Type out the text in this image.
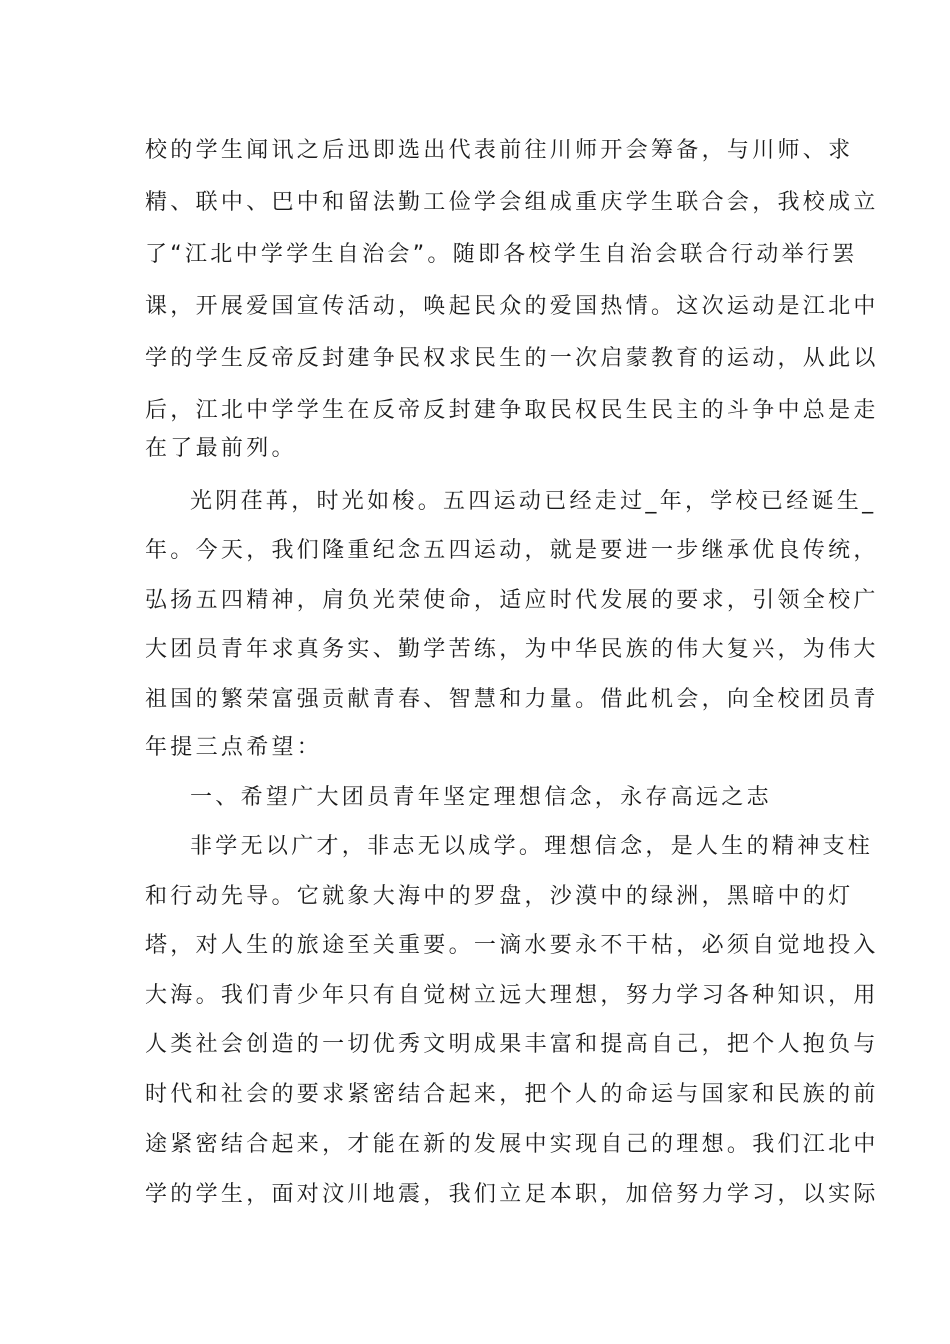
校的学生闻讯之后迅即选出代表前往川师开会筹备，与川师、求
精、联中、巴中和留法勤工俭学会组成重庆学生联合会，我校成立
了“江北中学学生自治会”。随即各校学生自治会联合行动举行罢
课，开展爱国宣传活动，唤起民众的爱国热情。这次运动是江北中
学的学生反帝反封建争民权求民生的一次启蒙教育的运动，从此以
后，江北中学学生在反帝反封建争取民权民生民主的斗争中总是走
在了最前列。
光阴荏苒，时光如梭。五四运动已经走过_年，学校已经诞生_
年。今天，我们隆重纪念五四运动，就是要进一步继承优良传统，
弘扬五四精神，肩负光荣使命，适应时代发展的要求，引领全校广
大团员青年求真务实、勤学苦练，为中华民族的伟大复兴，为伟大
祖国的繁荣富强贡献青春、智慧和力量。借此机会，向全校团员青
年提三点希望：
一、希望广大团员青年坚定理想信念，永存高远之志
非学无以广才，非志无以成学。理想信念，是人生的精神支柱
和行动先导。它就象大海中的罗盘，沙漠中的绿洲，黑暗中的灯
塔，对人生的旅途至关重要。一滴水要永不干枯，必须自觉地投入
大海。我们青少年只有自觉树立远大理想，努力学习各种知识，用
人类社会创造的一切优秀文明成果丰富和提高自己，把个人抱负与
时代和社会的要求紧密结合起来，把个人的命运与国家和民族的前
途紧密结合起来，才能在新的发展中实现自己的理想。我们江北中
学的学生，面对汶川地震，我们立足本职，加倍努力学习，以实际
